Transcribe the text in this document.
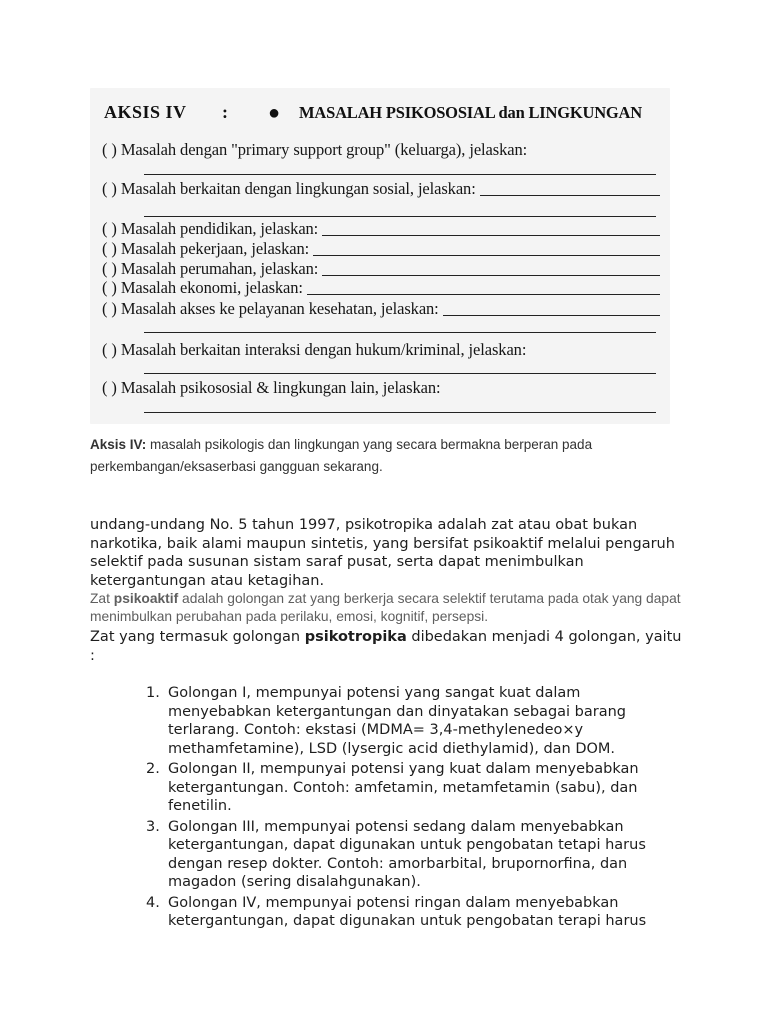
AKSIS IV : ● MASALAH PSIKOSOSIAL dan LINGKUNGAN
( ) Masalah dengan "primary support group" (keluarga), jelaskan:
( ) Masalah berkaitan dengan lingkungan sosial, jelaskan:
( ) Masalah pendidikan, jelaskan:
( ) Masalah pekerjaan, jelaskan:
( ) Masalah perumahan, jelaskan:
( ) Masalah ekonomi, jelaskan:
( ) Masalah akses ke pelayanan kesehatan, jelaskan:
( ) Masalah berkaitan interaksi dengan hukum/kriminal, jelaskan:
( ) Masalah psikososial & lingkungan lain, jelaskan:
Aksis IV: masalah psikologis dan lingkungan yang secara bermakna berperan pada perkembangan/eksaserbasi gangguan sekarang.
undang-undang No. 5 tahun 1997, psikotropika adalah zat atau obat bukan narkotika, baik alami maupun sintetis, yang bersifat psikoaktif melalui pengaruh selektif pada susunan sistam saraf pusat, serta dapat menimbulkan ketergantungan atau ketagihan.
Zat psikoaktif adalah golongan zat yang berkerja secara selektif terutama pada otak yang dapat menimbulkan perubahan pada perilaku, emosi, kognitif, persepsi.
Zat yang termasuk golongan psikotropika dibedakan menjadi 4 golongan, yaitu :
1. Golongan I, mempunyai potensi yang sangat kuat dalam menyebabkan ketergantungan dan dinyatakan sebagai barang terlarang. Contoh: ekstasi (MDMA= 3,4-methylenedeo×y methamfetamine), LSD (lysergic acid diethylamid), dan DOM.
2. Golongan II, mempunyai potensi yang kuat dalam menyebabkan ketergantungan. Contoh: amfetamin, metamfetamin (sabu), dan fenetilin.
3. Golongan III, mempunyai potensi sedang dalam menyebabkan ketergantungan, dapat digunakan untuk pengobatan tetapi harus dengan resep dokter. Contoh: amorbarbital, brupornorfina, dan magadon (sering disalahgunakan).
4. Golongan IV, mempunyai potensi ringan dalam menyebabkan ketergantungan, dapat digunakan untuk pengobatan terapi harus
